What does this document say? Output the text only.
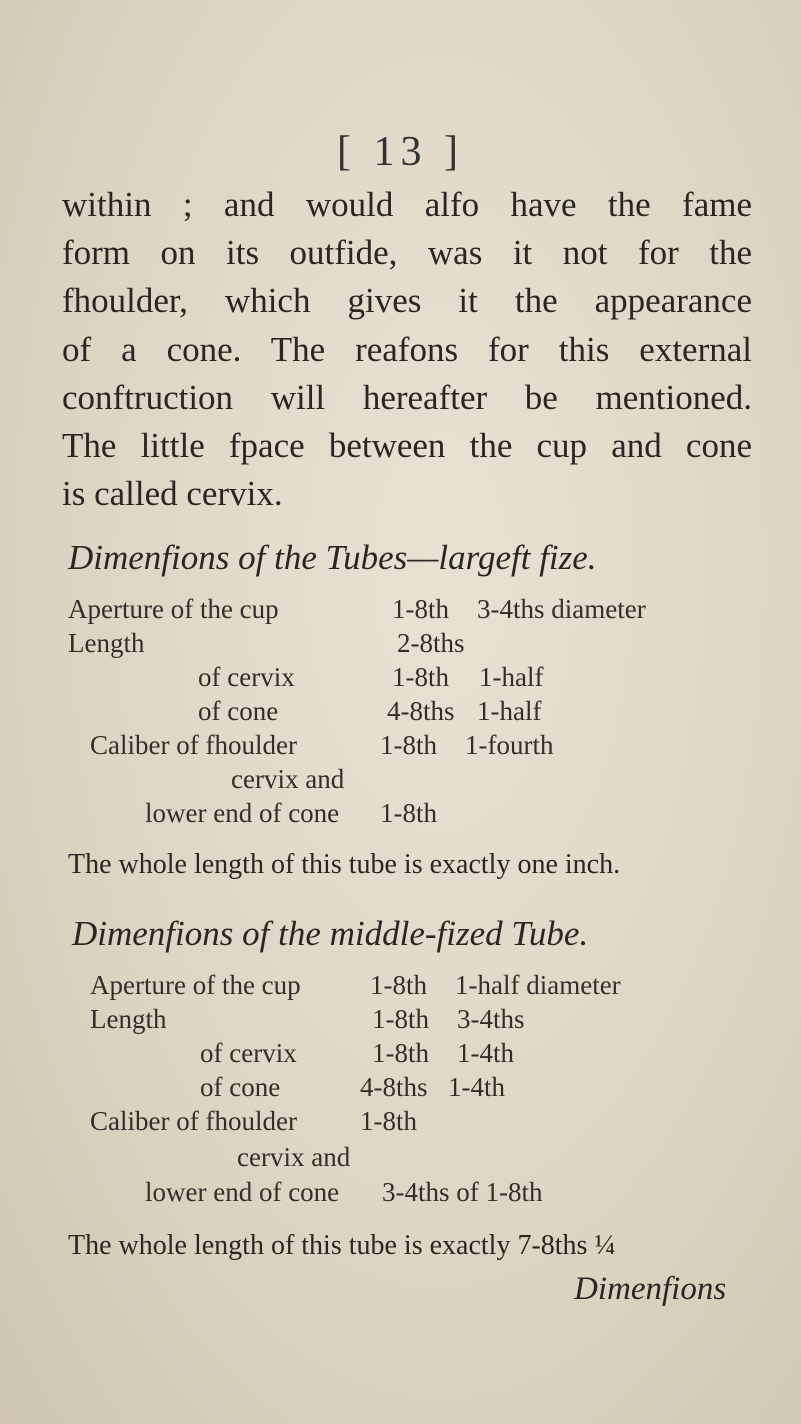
[ 13 ]
within ; and would alfo have the fame
form on its outfide, was it not for the
fhoulder, which gives it the appearance
of a cone. The reafons for this external
conftruction will hereafter be mentioned.
The little fpace between the cup and cone
is called cervix.
Dimenfions of the Tubes—largeft fize.
Aperture of the cup	1-8th 3-4ths diameter
Length	2-8ths
of cervix	1-8th 1-half
of cone	4-8ths 1-half
Caliber of fhoulder	1-8th 1-fourth
cervix and
lower end of cone 1-8th
The whole length of this tube is exactly one inch.
Dimenfions of the middle-fized Tube.
Aperture of the cup	1-8th 1-half diameter
Length	1-8th 3-4ths
of cervix	1-8th 1-4th
of cone	4-8ths 1-4th
Caliber of fhoulder 1-8th
cervix and
lower end of cone 3-4ths of 1-8th
The whole length of this tube is exactly 7-8ths ¼
Dimenfions
